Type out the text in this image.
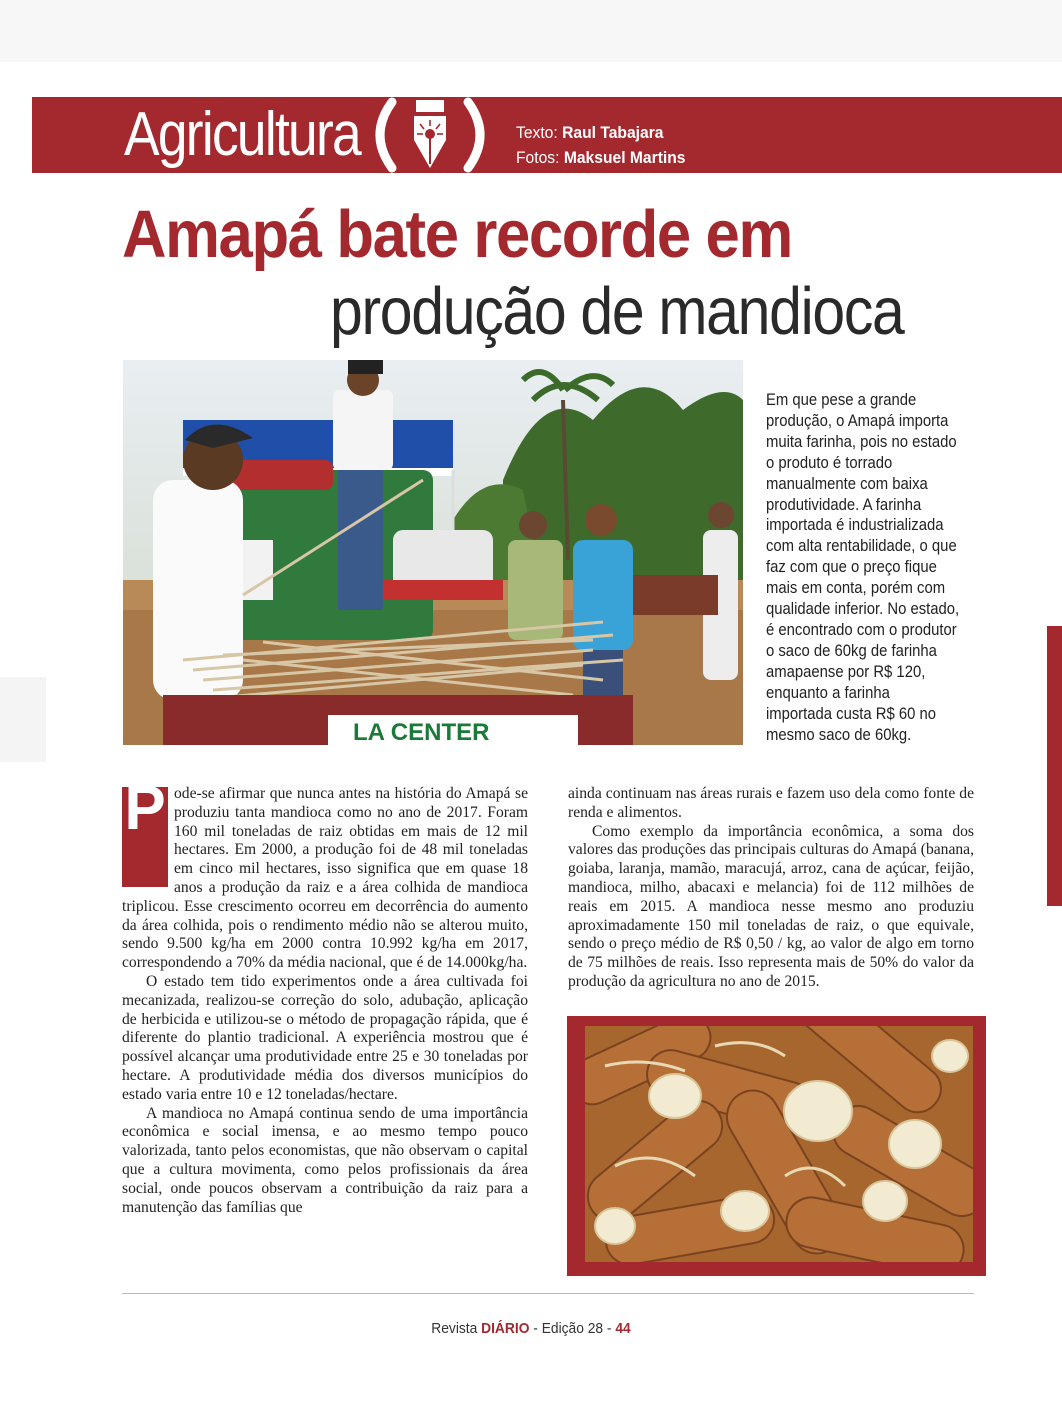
Agricultura	Texto: Raul Tabajara
Fotos: Maksuel Martins
Amapá bate recorde em
produção de mandioca
LA CENTER
Em que pese a grande produção, o Amapá importa muita farinha, pois no estado o produto é torrado manualmente com baixa produtividade. A farinha importada é industrializada com alta rentabilidade, o que faz com que o preço fique mais em conta, porém com qualidade inferior. No estado, é encontrado com o produtor o saco de 60kg de farinha amapaense por R$ 120, enquanto a farinha importada custa R$ 60 no mesmo saco de 60kg.

P ode-se afirmar que nunca antes na história do Amapá se produziu tanta mandioca como no ano de 2017. Foram 160 mil toneladas de raiz obtidas em mais de 12 mil hectares. Em 2000, a produção foi de 48 mil toneladas em cinco mil hectares, isso significa que em quase 18 anos a produção da raiz e a área colhida de mandioca triplicou. Esse crescimento ocorreu em decorrência do aumento da área colhida, pois o rendimento médio não se alterou muito, sendo 9.500 kg/ha em 2000 contra 10.992 kg/ha em 2017, correspondendo a 70% da média nacional, que é de 14.000kg/ha.

O estado tem tido experimentos onde a área cultivada foi mecanizada, realizou-se correção do solo, adubação, aplicação de herbicida e utilizou-se o método de propagação rápida, que é diferente do plantio tradicional. A experiência mostrou que é possível alcançar uma produtividade entre 25 e 30 toneladas por hectare. A produtividade média dos diversos municípios do estado varia entre 10 e 12 toneladas/hectare.

A mandioca no Amapá continua sendo de uma importância econômica e social imensa, e ao mesmo tempo pouco valorizada, tanto pelos economistas, que não observam o capital que a cultura movimenta, como pelos profissionais da área social, onde poucos observam a contribuição da raiz para a manutenção das famílias que

ainda continuam nas áreas rurais e fazem uso dela como fonte de renda e alimentos.

Como exemplo da importância econômica, a soma dos valores das produções das principais culturas do Amapá (banana, goiaba, laranja, mamão, maracujá, arroz, cana de açúcar, feijão, mandioca, milho, abacaxi e melancia) foi de 112 milhões de reais em 2015. A mandioca nesse mesmo ano produziu aproximadamente 150 mil toneladas de raiz, o que equivale, sendo o preço médio de R$ 0,50 / kg, ao valor de algo em torno de 75 milhões de reais. Isso representa mais de 50% do valor da produção da agricultura no ano de 2015.

Revista DIÁRIO - Edição 28 - 44
